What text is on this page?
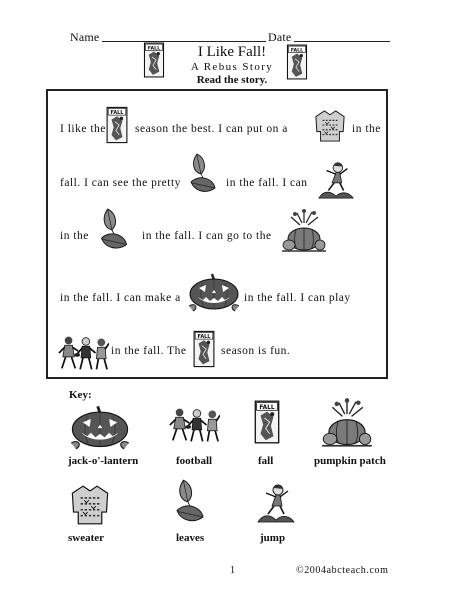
Name	Date
I Like Fall!
A Rebus Story
Read the story.
I like the	season the best. I can put on a	in the
fall. I can see the pretty	in the fall. I can
in the	in the fall. I can go to the
in the fall. I can make a	in the fall. I can play
in the fall. The	season is fun.
Key:
jack-o'-lantern	football	fall	pumpkin patch
sweater	leaves	jump
1	©2004abcteach.com
